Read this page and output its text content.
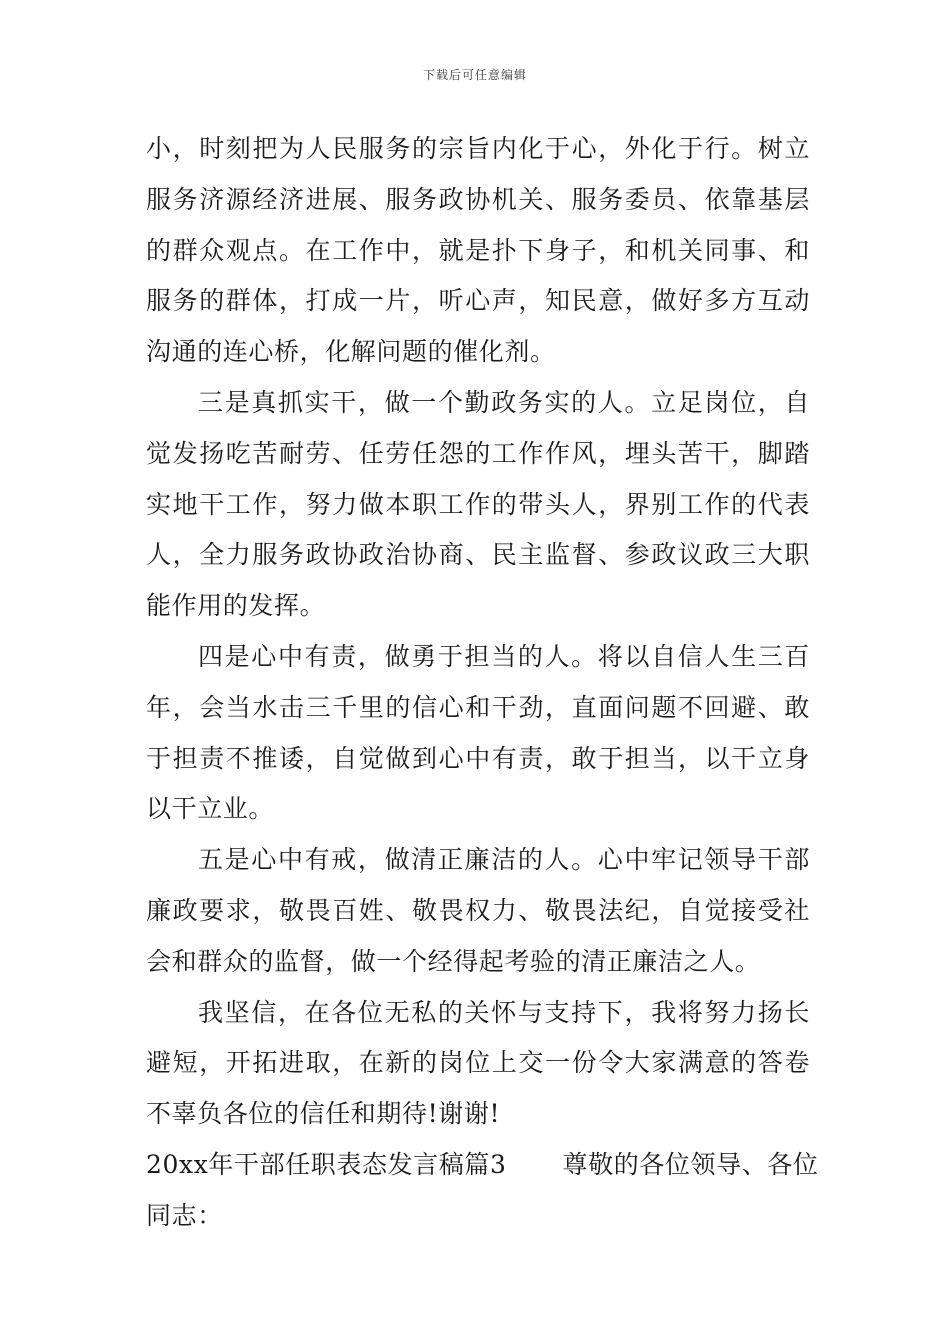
下载后可任意编辑

小，时刻把为人民服务的宗旨内化于心，外化于行。树立服务济源经济进展、服务政协机关、服务委员、依靠基层的群众观点。在工作中，就是扑下身子，和机关同事、和服务的群体，打成一片，听心声，知民意，做好多方互动沟通的连心桥，化解问题的催化剂。

三是真抓实干，做一个勤政务实的人。立足岗位，自觉发扬吃苦耐劳、任劳任怨的工作作风，埋头苦干，脚踏实地干工作，努力做本职工作的带头人，界别工作的代表人，全力服务政协政治协商、民主监督、参政议政三大职能作用的发挥。

四是心中有责，做勇于担当的人。将以自信人生三百年，会当水击三千里的信心和干劲，直面问题不回避、敢于担责不推诿，自觉做到心中有责，敢于担当，以干立身以干立业。

五是心中有戒，做清正廉洁的人。心中牢记领导干部廉政要求，敬畏百姓、敬畏权力、敬畏法纪，自觉接受社会和群众的监督，做一个经得起考验的清正廉洁之人。

我坚信，在各位无私的关怀与支持下，我将努力扬长避短，开拓进取，在新的岗位上交一份令大家满意的答卷不辜负各位的信任和期待!谢谢!

20xx年干部任职表态发言稿篇3 尊敬的各位领导、各位

同志：
